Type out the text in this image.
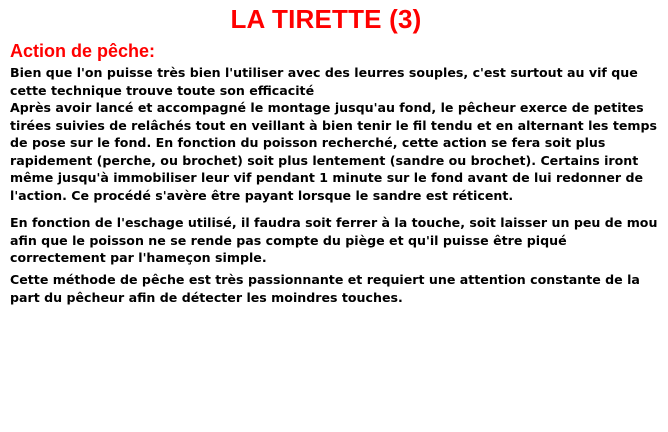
LA TIRETTE (3)
Action de pêche:

Bien que l'on puisse très bien l'utiliser avec des leurres souples, c'est surtout au vif que cette technique trouve toute son efficacité

Après avoir lancé et accompagné le montage jusqu'au fond, le pêcheur exerce de petites tirées suivies de relâchés tout en veillant à bien tenir le fil tendu et en alternant les temps de pose sur le fond. En fonction du poisson recherché, cette action se fera soit plus rapidement (perche, ou brochet) soit plus lentement (sandre ou brochet). Certains iront même jusqu'à immobiliser leur vif pendant 1 minute sur le fond avant de lui redonner de l'action. Ce procédé s'avère être payant lorsque le sandre est réticent.

En fonction de l'eschage utilisé, il faudra soit ferrer à la touche, soit laisser un peu de mou afin que le poisson ne se rende pas compte du piège et qu'il puisse être piqué correctement par l'hameçon simple.

Cette méthode de pêche est très passionnante et requiert une attention constante de la part du pêcheur afin de détecter les moindres touches.
